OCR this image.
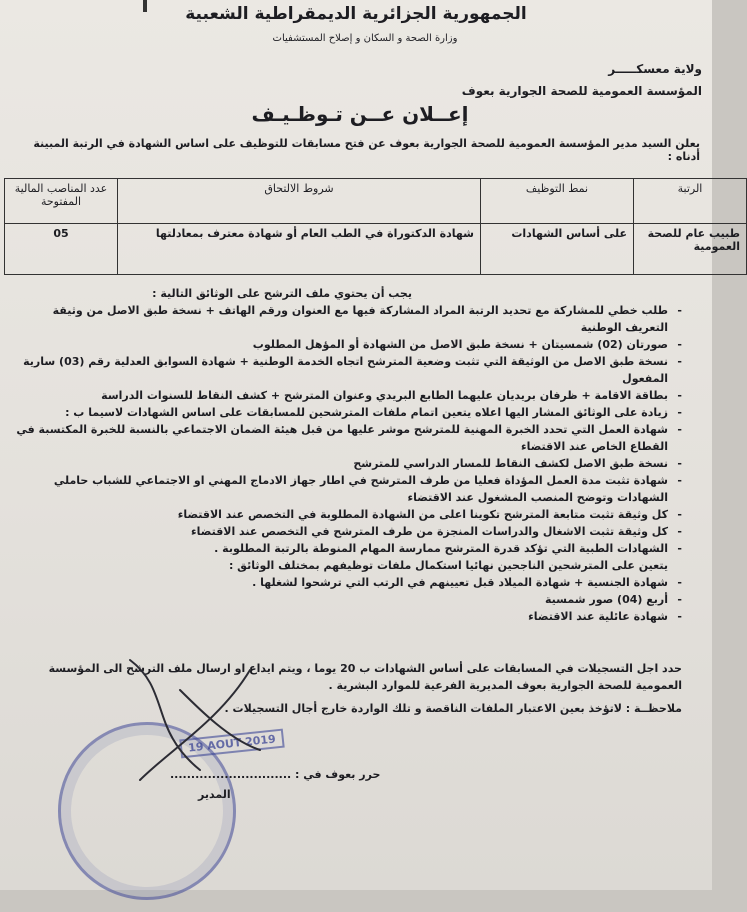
الجمهورية الجزائرية الديمقراطية الشعبية
وزارة الصحة و السكان و إصلاح المستشفيات
ولاية معسكـــــر
المؤسسة العمومية للصحة الجوارية بعوف
إعــلان عــن تـوظـيـف
يعلن السيد مدير المؤسسة العمومية للصحة الجوارية بعوف عن فتح مسابقات للتوظيف على اساس الشهادة في الرتبة المبينة أدناه :
الرتبة	نمط التوظيف	شروط الالتحاق	عدد المناصب المالية المفتوحة
طبيب عام للصحة العمومية	على أساس الشهادات	شهادة الدكتوراة في الطب العام أو شهادة معترف بمعادلتها	05
يجب أن يحتوي ملف الترشح على الوثائق التالية :

- طلب خطي للمشاركة مع تحديد الرتبة المراد المشاركة فيها مع العنوان ورقم الهاتف + نسخة طبق الاصل من وثيقة التعريف الوطنية

- صورتان (02) شمسيتان + نسخة طبق الاصل من الشهادة أو المؤهل المطلوب

- نسخة طبق الاصل من الوثيقة التي تثبت وضعية المترشح اتجاه الخدمة الوطنية + شهادة السوابق العدلية رقم (03) سارية المفعول

- بطاقة الاقامة + ظرفان بريديان عليهما الطابع البريدي وعنوان المترشح + كشف النقاط للسنوات الدراسة

- زيادة على الوثائق المشار اليها اعلاه يتعين اتمام ملفات المترشحين للمسابقات على اساس الشهادات لاسيما ب :

- شهادة العمل التي تحدد الخبرة المهنية للمترشح موشر عليها من قبل هيئة الضمان الاجتماعي بالنسبة للخبرة المكتسبة في القطاع الخاص عند الاقتضاء

- نسخة طبق الاصل لكشف النقاط للمسار الدراسي للمترشح

- شهادة تثبت مدة العمل المؤداة فعليا من طرف المترشح في اطار جهاز الادماج المهني او الاجتماعي للشباب حاملي الشهادات وتوضح المنصب المشغول عند الاقتضاء

- كل وثيقة تثبت متابعة المترشح تكوينا اعلى من الشهادة المطلوبة في التخصص عند الاقتضاء

- كل وثيقة تثبت الاشغال والدراسات المنجزة من طرف المترشح في التخصص عند الاقتضاء

- الشهادات الطبية التي تؤكد قدرة المترشح ممارسة المهام المنوطة بالرتبة المطلوبة .

يتعين على المترشحين الناجحين نهائيا استكمال ملفات توظيفهم بمختلف الوثائق :

- شهادة الجنسية + شهادة الميلاد قبل تعيينهم في الرتب التي ترشحوا لشغلها .

- أربع (04) صور شمسية

- شهادة عائلية عند الاقتضاء

حدد اجل التسجيلات في المسابقات على أساس الشهادات ب 20 يوما ، ويتم ايداع او ارسال ملف الترشح الى المؤسسة العمومية للصحة الجوارية بعوف المديرية الفرعية للموارد البشرية .
ملاحظــة : لاتؤخذ بعين الاعتبار الملفات الناقصة و تلك الواردة خارج أجال التسجيلات .
19 AOUT 2019
حرر بعوف في : .............................
المدير
